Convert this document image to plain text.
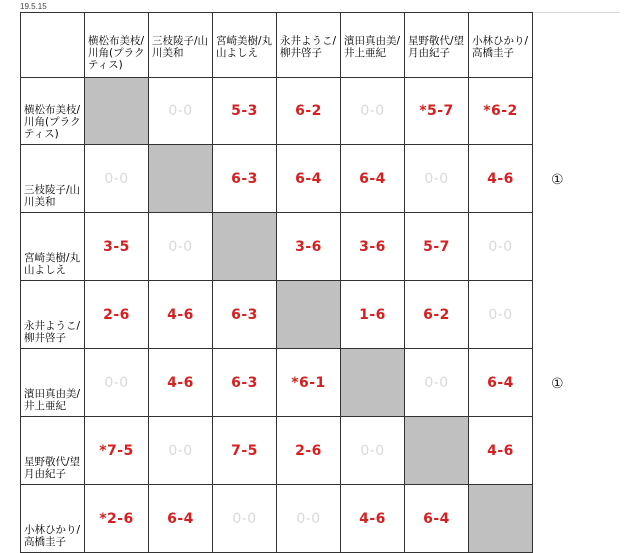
19.5.15

	横松布美枝/川角(プラクティス)	三枝陵子/山川美和	宮崎美樹/丸山よしえ	永井ようこ/柳井啓子	濱田真由美/井上亜紀	星野敬代/望月由紀子	小林ひかり/高橋圭子

横松布美枝/川角(プラクティス)		0-0	5-3	6-2	0-0	*5-7	*6-2

三枝陵子/山川美和	0-0		6-3	6-4	6-4	0-0	4-6

宮崎美樹/丸山よしえ	3-5	0-0		3-6	3-6	5-7	0-0

永井ようこ/柳井啓子	2-6	4-6	6-3		1-6	6-2	0-0

濱田真由美/井上亜紀	0-0	4-6	6-3	*6-1		0-0	6-4

星野敬代/望月由紀子	*7-5	0-0	7-5	2-6	0-0		4-6

小林ひかり/高橋圭子	*2-6	6-4	0-0	0-0	4-6	6-4	
①
①
